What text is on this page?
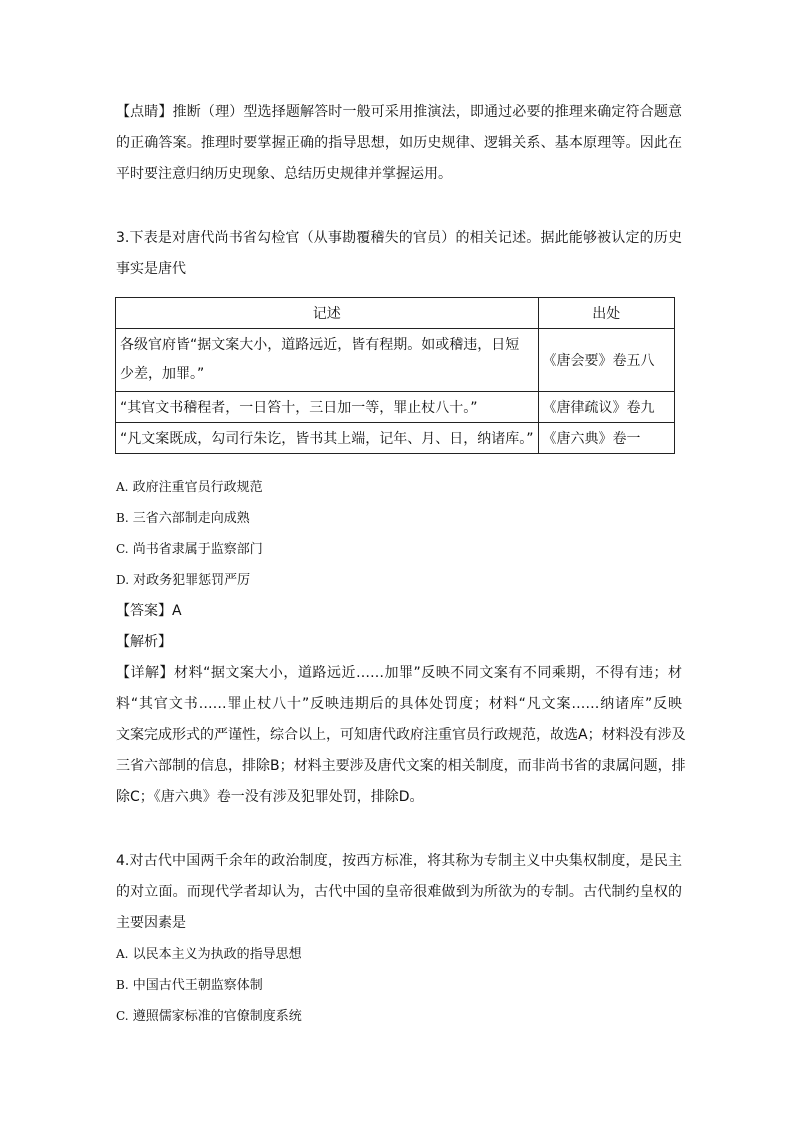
【点睛】推断（理）型选择题解答时一般可采用推演法，即通过必要的推理来确定符合题意
的正确答案。推理时要掌握正确的指导思想，如历史规律、逻辑关系、基本原理等。因此在
平时要注意归纳历史现象、总结历史规律并掌握运用。
3.下表是对唐代尚书省勾检官（从事勘覆稽失的官员）的相关记述。据此能够被认定的历史
事实是唐代
记述	出处

各级官府皆“据文案大小，道路远近，皆有程期。如或稽违，日短
少差，加罪。”	《唐会要》卷五八
“其官文书稽程者，一日笞十，三日加一等，罪止杖八十。”	《唐律疏议》卷九
“凡文案既成，勾司行朱讫，皆书其上端，记年、月、日，纳诸库。”	《唐六典》卷一
A. 政府注重官员行政规范
B. 三省六部制走向成熟
C. 尚书省隶属于监察部门
D. 对政务犯罪惩罚严厉
【答案】A
【解析】
【详解】材料“据文案大小，道路远近……加罪”反映不同文案有不同乘期，不得有违；材
料“其官文书……罪止杖八十”反映违期后的具体处罚度；材料“凡文案……纳诸库”反映
文案完成形式的严谨性，综合以上，可知唐代政府注重官员行政规范，故选A；材料没有涉及
三省六部制的信息，排除B；材料主要涉及唐代文案的相关制度，而非尚书省的隶属问题，排
除C；《唐六典》卷一没有涉及犯罪处罚，排除D。
4.对古代中国两千余年的政治制度，按西方标准，将其称为专制主义中央集权制度，是民主
的对立面。而现代学者却认为，古代中国的皇帝很难做到为所欲为的专制。古代制约皇权的
主要因素是
A. 以民本主义为执政的指导思想
B. 中国古代王朝监察体制
C. 遵照儒家标准的官僚制度系统
